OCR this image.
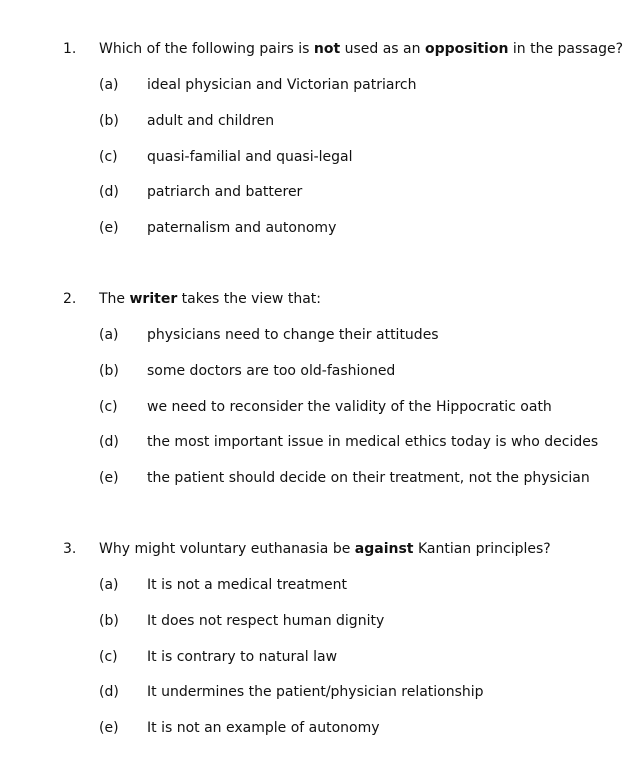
1. Which of the following pairs is not used as an opposition in the passage?
(a) ideal physician and Victorian patriarch
(b) adult and children
(c) quasi-familial and quasi-legal
(d) patriarch and batterer
(e) paternalism and autonomy
2. The writer takes the view that:
(a) physicians need to change their attitudes
(b) some doctors are too old-fashioned
(c) we need to reconsider the validity of the Hippocratic oath
(d) the most important issue in medical ethics today is who decides
(e) the patient should decide on their treatment, not the physician
3. Why might voluntary euthanasia be against Kantian principles?
(a) It is not a medical treatment
(b) It does not respect human dignity
(c) It is contrary to natural law
(d) It undermines the patient/physician relationship
(e) It is not an example of autonomy
